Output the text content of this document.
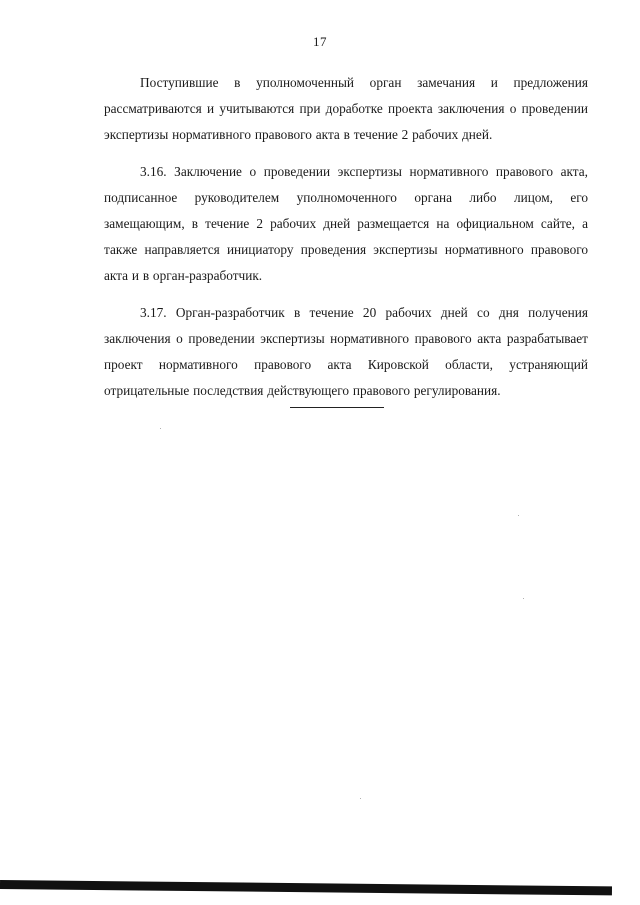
17

Поступившие в уполномоченный орган замечания и предложения рассматриваются и учитываются при доработке проекта заключения о проведении экспертизы нормативного правового акта в течение 2 рабочих дней.

3.16. Заключение о проведении экспертизы нормативного правового акта, подписанное руководителем уполномоченного органа либо лицом, его замещающим, в течение 2 рабочих дней размещается на официальном сайте, а также направляется инициатору проведения экспертизы нормативного правового акта и в орган-разработчик.

3.17. Орган-разработчик в течение 20 рабочих дней со дня получения заключения о проведении экспертизы нормативного правового акта разрабатывает проект нормативного правового акта Кировской области, устраняющий отрицательные последствия действующего правового регулирования.
